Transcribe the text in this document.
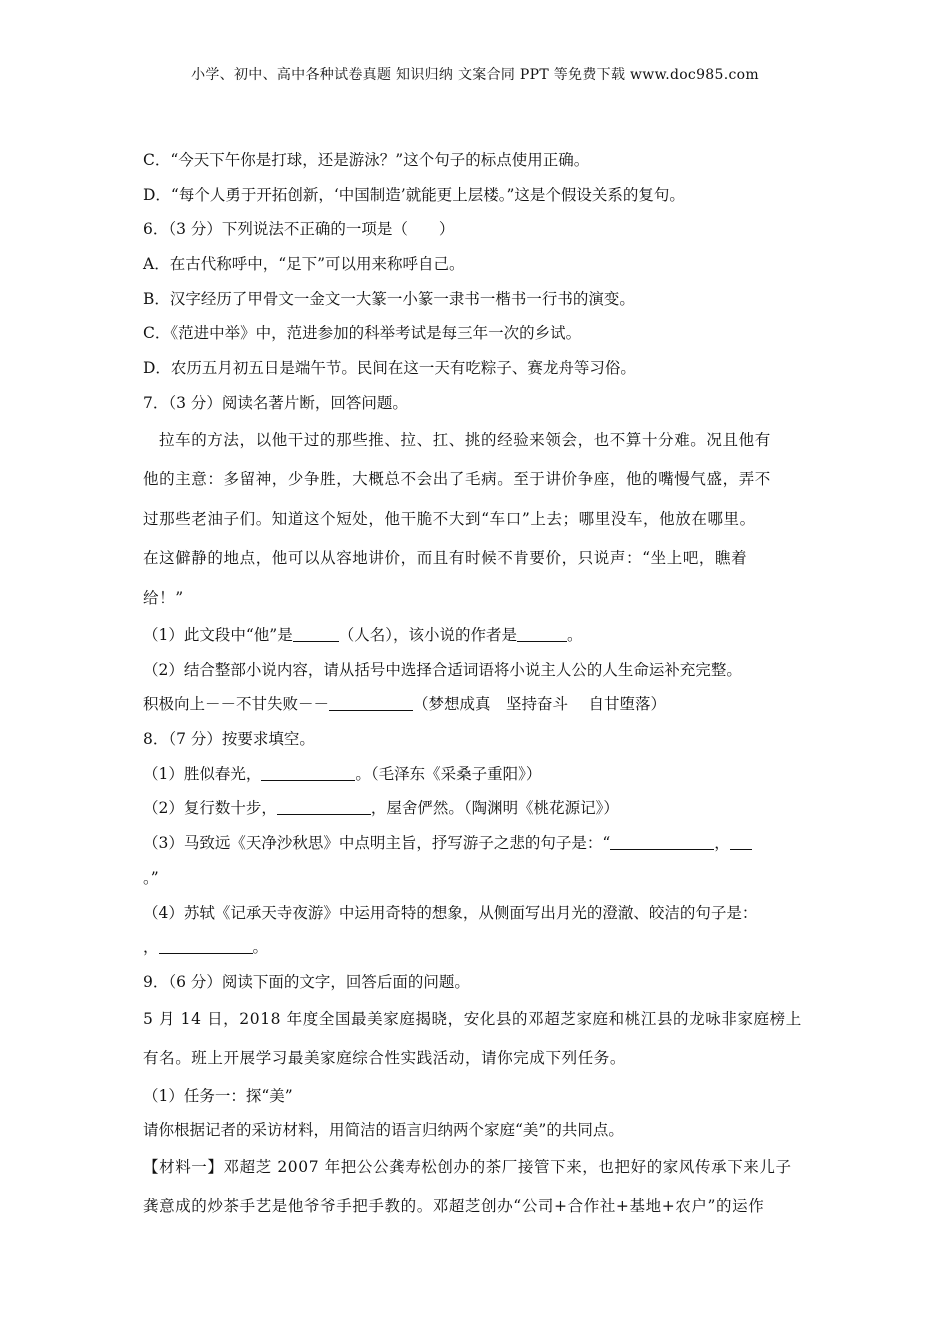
小学、初中、高中各种试卷真题 知识归纳 文案合同 PPT 等免费下载 www.doc985.com
C．“今天下午你是打球，还是游泳？”这个句子的标点使用正确。
D．“每个人勇于开拓创新，‘中国制造’就能更上层楼。”这是个假设关系的复句。
6．（3 分）下列说法不正确的一项是（　　）
A．在古代称呼中，“足下”可以用来称呼自己。
B．汉字经历了甲骨文一金文一大篆一小篆一隶书一楷书一行书的演变。
C．《范进中举》中，范进参加的科举考试是每三年一次的乡试。
D．农历五月初五日是端午节。民间在这一天有吃粽子、赛龙舟等习俗。
7．（3 分）阅读名著片断，回答问题。
拉车的方法，以他干过的那些推、拉、扛、挑的经验来领会，也不算十分难。况且他有
他的主意：多留神，少争胜，大概总不会出了毛病。至于讲价争座，他的嘴慢气盛，弄不
过那些老油子们。知道这个短处，他干脆不大到“车口”上去；哪里没车，他放在哪里。
在这僻静的地点，他可以从容地讲价，而且有时候不肯要价，只说声：“坐上吧，瞧着
给！”
（1）此文段中“他”是	（人名），该小说的作者是	。
（2）结合整部小说内容，请从括号中选择合适词语将小说主人公的人生命运补充完整。
积极向上－－不甘失败－－	（梦想成真　坚持奋斗　 自甘堕落）
8．（7 分）按要求填空。
（1）胜似春光，	。（毛泽东《采桑子重阳》）
（2）复行数十步，	，屋舍俨然。（陶渊明《桃花源记》）
（3）马致远《天净沙秋思》中点明主旨，抒写游子之悲的句子是：“	，
。”
（4）苏轼《记承天寺夜游》中运用奇特的想象，从侧面写出月光的澄澈、皎洁的句子是：
，	。
9．（6 分）阅读下面的文字，回答后面的问题。
5 月 14 日，2018 年度全国最美家庭揭晓，安化县的邓超芝家庭和桃江县的龙咏非家庭榜上
有名。班上开展学习最美家庭综合性实践活动，请你完成下列任务。
（1）任务一：探“美”
请你根据记者的采访材料，用简洁的语言归纳两个家庭“美”的共同点。
【材料一】邓超芝 2007 年把公公龚寿松创办的茶厂接管下来，也把好的家风传承下来儿子
龚意成的炒茶手艺是他爷爷手把手教的。邓超芝创办“公司+合作社+基地+农户”的运作
